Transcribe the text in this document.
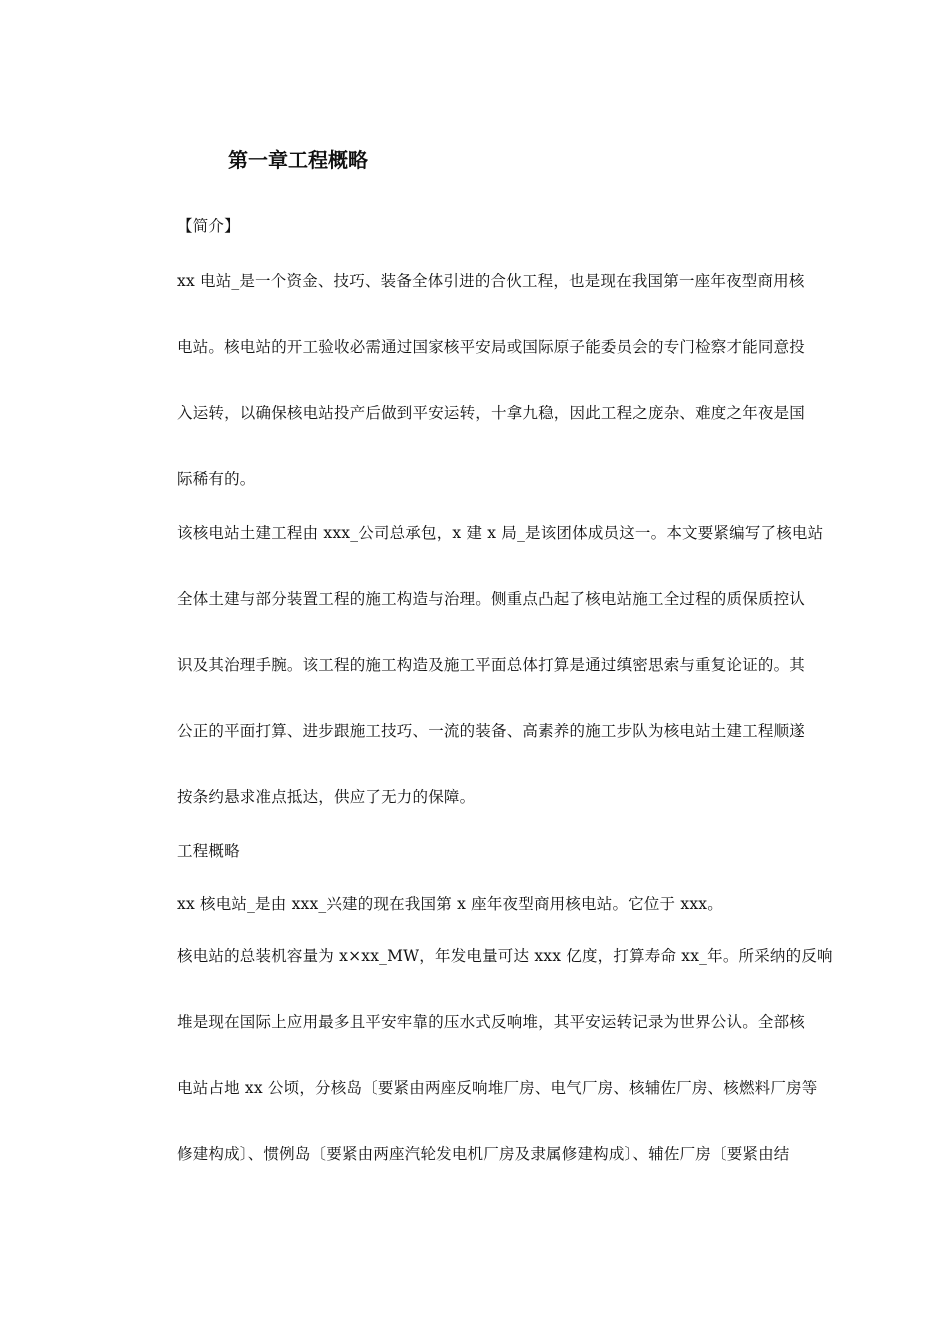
第一章工程概略
【简介】
xx 电站_是一个资金、技巧、装备全体引进的合伙工程，也是现在我国第一座年夜型商用核
电站。核电站的开工验收必需通过国家核平安局或国际原子能委员会的专门检察才能同意投
入运转，以确保核电站投产后做到平安运转，十拿九稳，因此工程之庞杂、难度之年夜是国
际稀有的。
该核电站土建工程由 xxx_公司总承包，x 建 x 局_是该团体成员这一。本文要紧编写了核电站
全体土建与部分装置工程的施工构造与治理。侧重点凸起了核电站施工全过程的质保质控认
识及其治理手腕。该工程的施工构造及施工平面总体打算是通过缜密思索与重复论证的。其
公正的平面打算、进步跟施工技巧、一流的装备、高素养的施工步队为核电站土建工程顺遂
按条约悬求准点抵达，供应了无力的保障。
工程概略
xx 核电站_是由 xxx_兴建的现在我国第 x 座年夜型商用核电站。它位于 xxx。
核电站的总装机容量为 x×xx_MW，年发电量可达 xxx 亿度，打算寿命 xx_年。所采纳的反响
堆是现在国际上应用最多且平安牢靠的压水式反响堆，其平安运转记录为世界公认。全部核
电站占地 xx 公顷，分核岛〔要紧由两座反响堆厂房、电气厂房、核辅佐厂房、核燃料厂房等
修建构成〕、惯例岛〔要紧由两座汽轮发电机厂房及隶属修建构成〕、辅佐厂房〔要紧由结
